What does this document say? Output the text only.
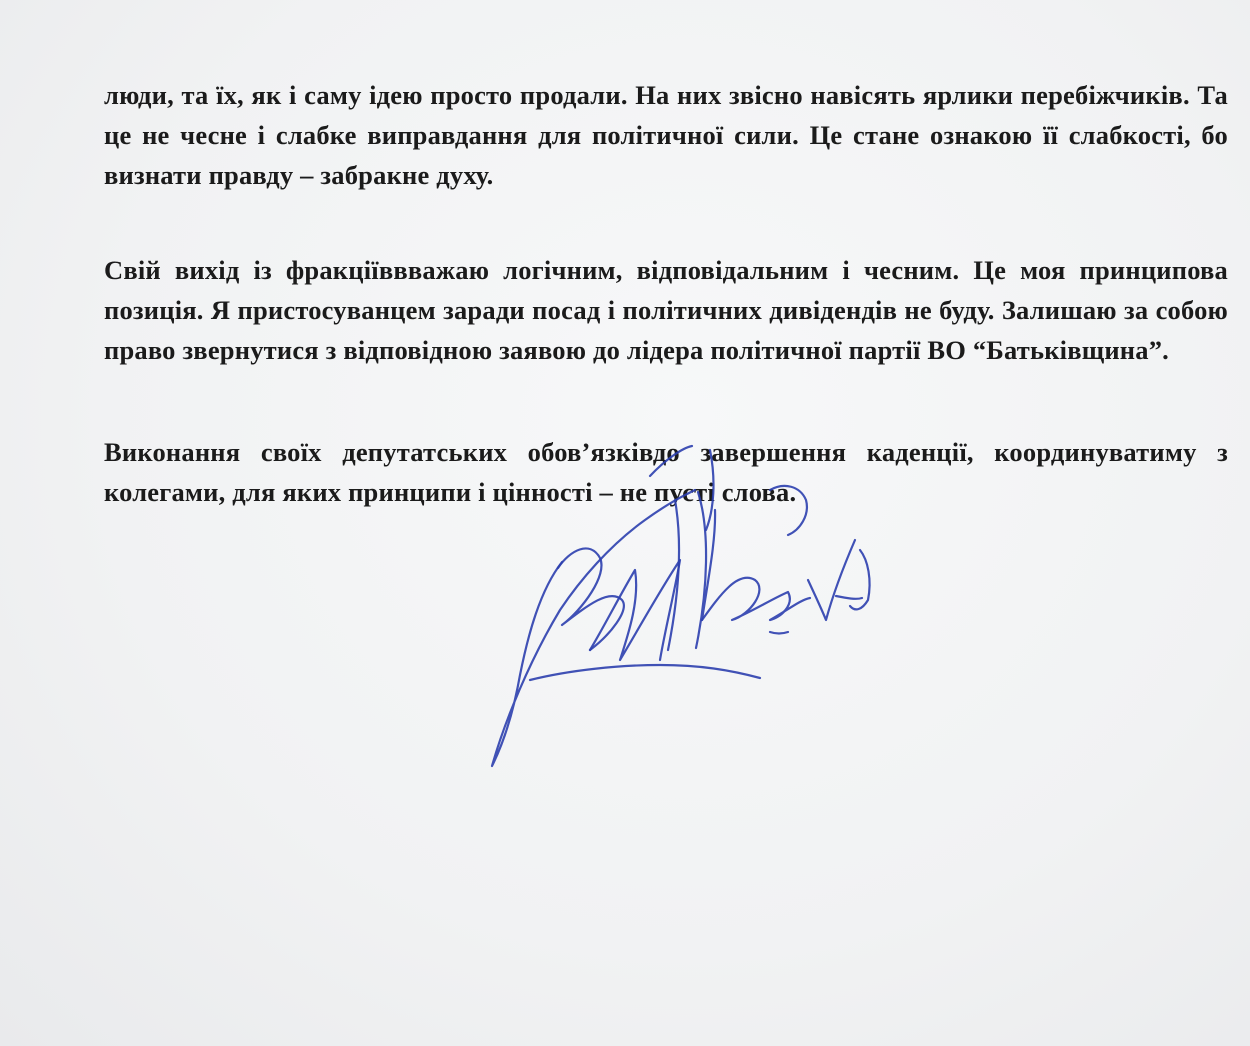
люди, та їх, як і саму ідею просто продали. На них звісно навісять ярлики перебіжчиків. Та це не чесне і слабке виправдання для політичної сили. Це стане ознакою її слабкості, бо визнати правду – забракне духу.

Свій вихід із фракціїввважаю логічним, відповідальним і чесним. Це моя принципова позиція. Я пристосуванцем заради посад і політичних дивідендів не буду. Залишаю за собою право звернутися з відповідною заявою до лідера політичної партії ВО “Батьківщина”.

Виконання своїх депутатських обов’язківдо завершення каденції, координуватиму з колегами, для яких принципи і цінності – не пусті слова.
